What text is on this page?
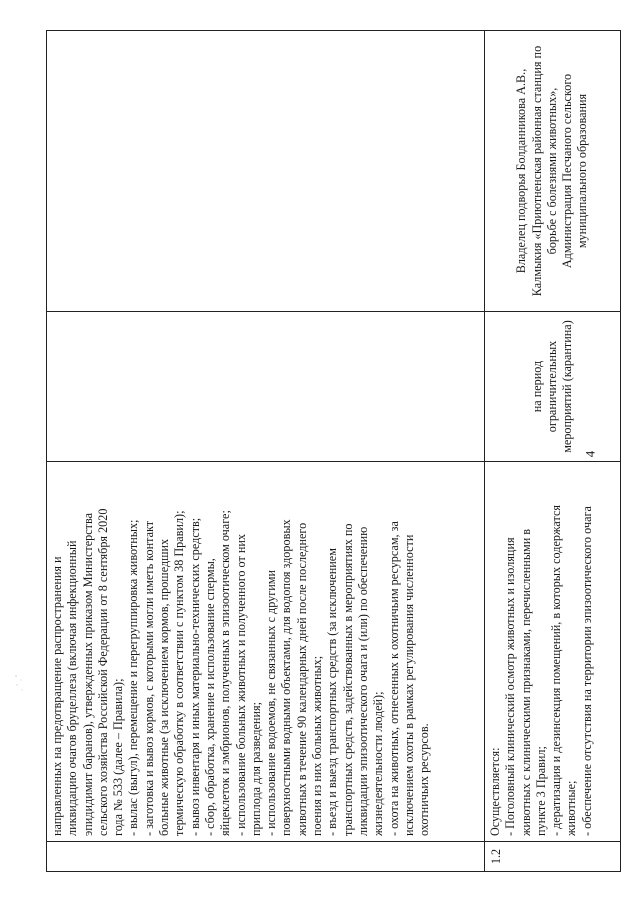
направленных на предотвращение распространения и ликвидацию очагов бруцеллеза (включая инфекционный эпидидимит баранов), утвержденных приказом Министерства сельского хозяйства Российской Федерации от 8 сентября 2020 года № 533 (далее – Правила); - вылас (выгул), перемещение и перегруппировка животных; - заготовка и вывоз кормов, с которыми могли иметь контакт больные животные (за исключением кормов, прошедших термическую обработку в соответствии с пунктом 38 Правил); - вывоз инвентаря и иных материально-технических средств; - сбор, обработка, хранение и использование спермы, яйцеклеток и эмбрионов, полученных в эпизоотическом очаге; - использование больных животных и полученного от них приплода для разведения; - использование водоемов, не связанных с другими поверхностными водными объектами, для водопоя здоровых животных в течение 90 календарных дней после последнего поения из них больных животных; - въезд и выезд транспортных средств (за исключением транспортных средств, задействованных в мероприятиях по ликвидации эпизоотического очага и (или) по обеспечению жизнедеятельности людей); - охота на животных, отнесенных к охотничьим ресурсам, за исключением охоты в рамках регулирования численности охотничьих ресурсов.
1.2
Осуществляется: - Поголовный клинический осмотр животных и изоляция животных с клиническими признаками, перечисленными в пункте 3 Правил; - дератизация и дезинсекция помещений, в которых содержатся животные; - обеспечение отсутствия на территории эпизоотического очага
на период ограничительных мероприятий (карантина)
Владелец подворья Болданникова А.В., Калмыкия «Приютненская районная станция по борьбе с болезнями животных», Администрация Песчаного сельского муниципального образования
4
